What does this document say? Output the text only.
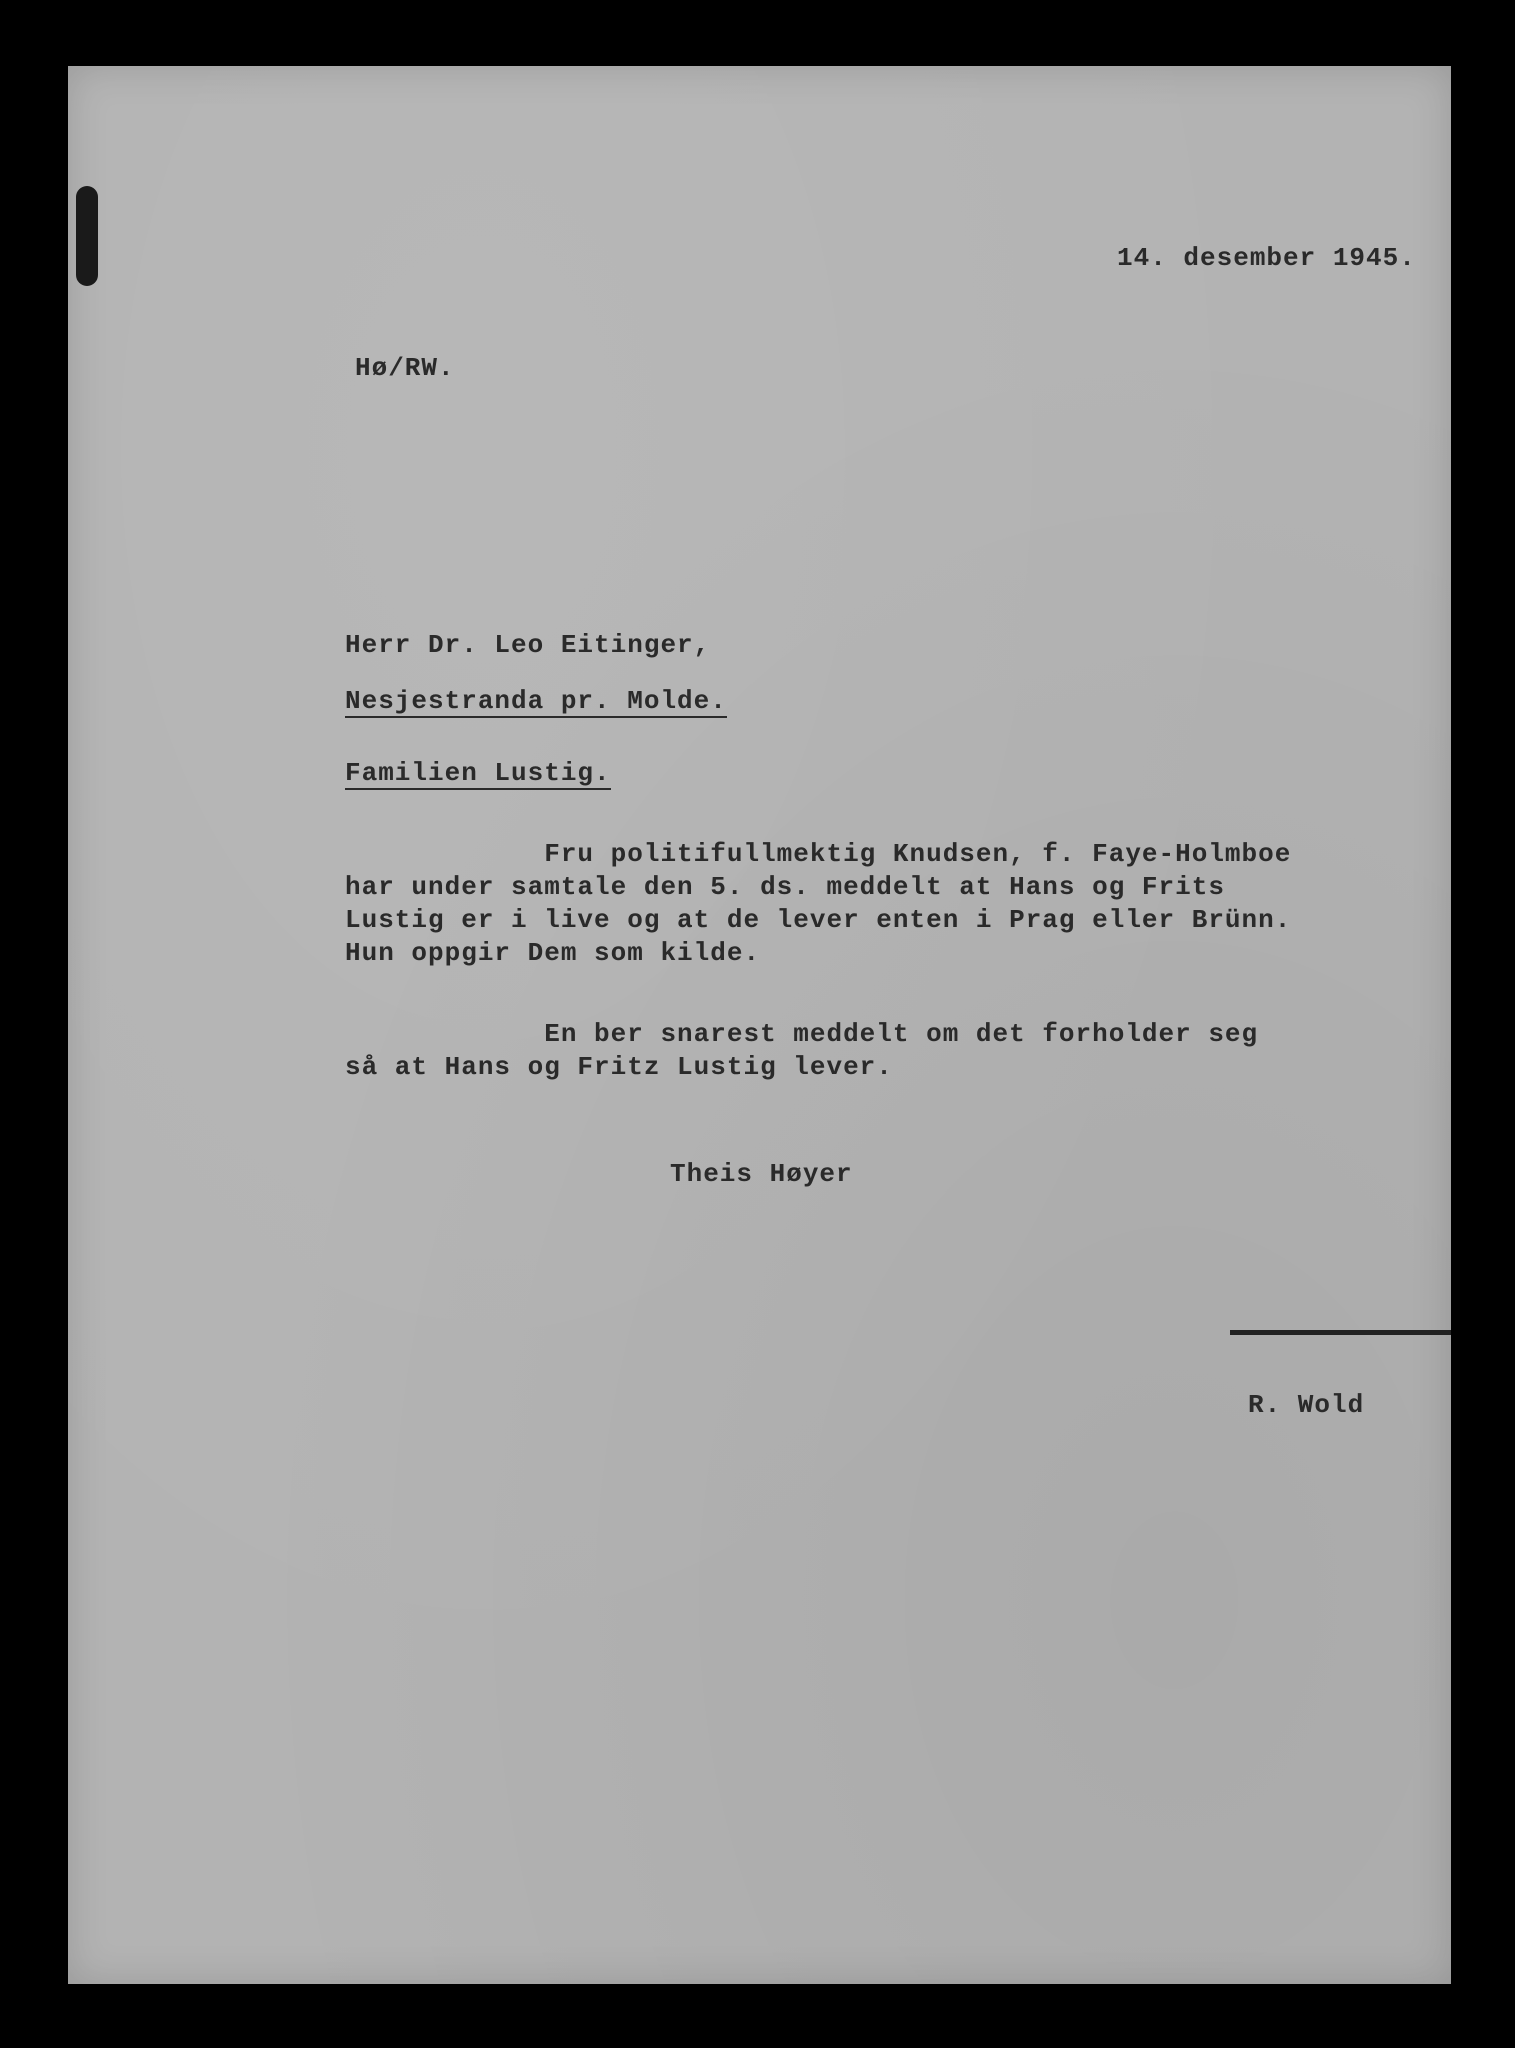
14. desember 1945.
Hø/RW.
Herr Dr. Leo Eitinger,
Nesjestranda pr. Molde.
Familien Lustig.
Fru politifullmektig Knudsen, f. Faye-Holmboe
har under samtale den 5. ds. meddelt at Hans og Frits
Lustig er i live og at de lever enten i Prag eller Brünn.
Hun oppgir Dem som kilde.
En ber snarest meddelt om det forholder seg
så at Hans og Fritz Lustig lever.
Theis Høyer
R. Wold
